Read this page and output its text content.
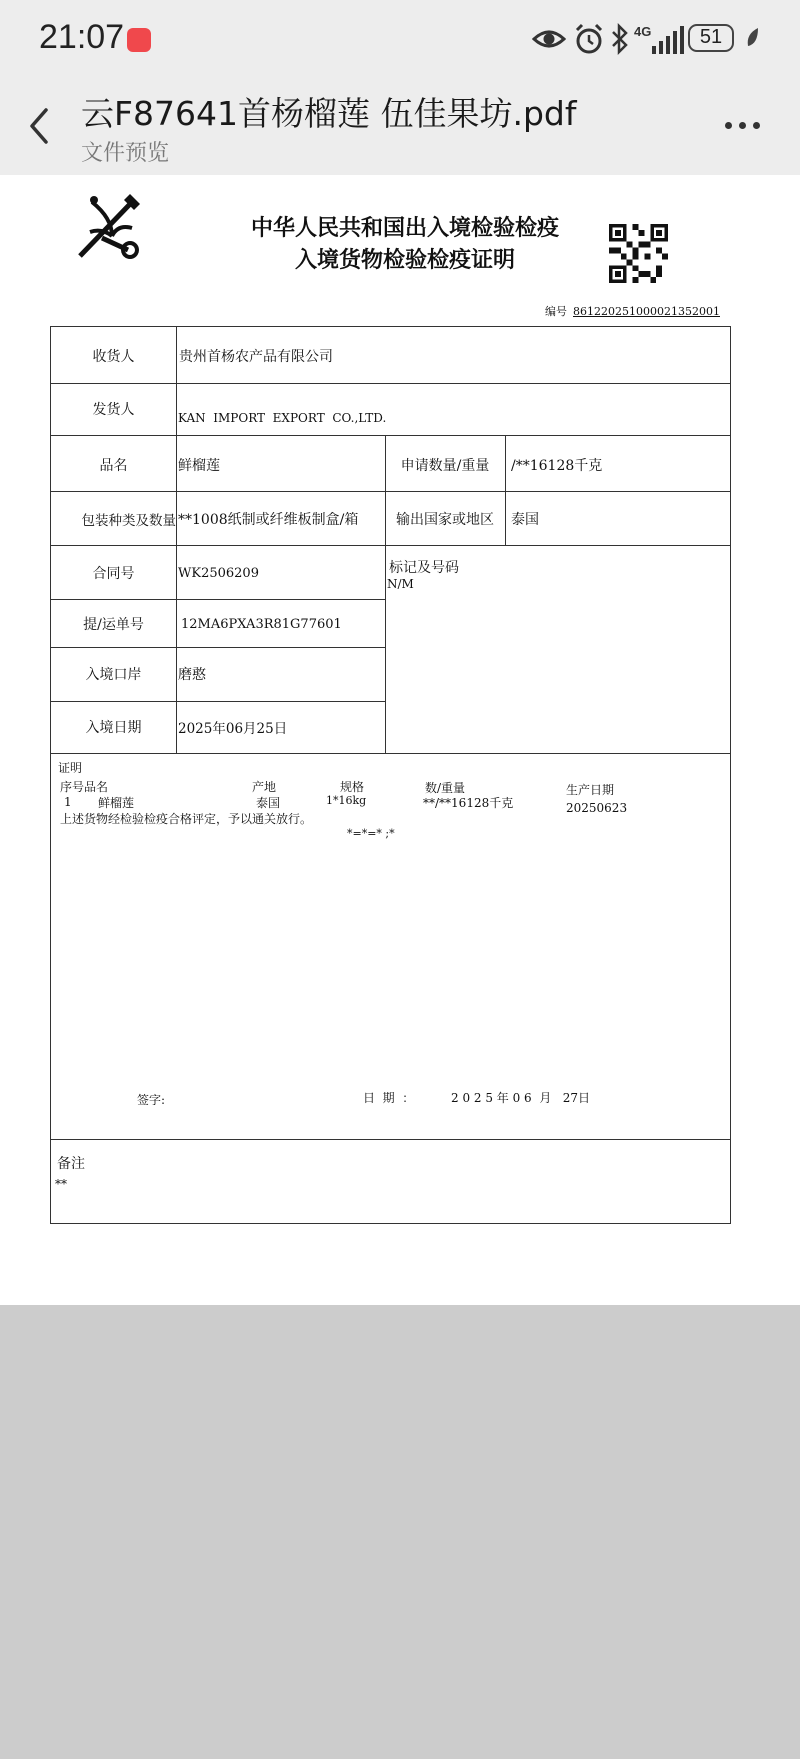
21:07	4G	51
云F87641首杨榴莲 伍佳果坊.pdf
文件预览
中华人民共和国出入境检验检疫
入境货物检验检疫证明
编号 861220251000021352001
收货人	贵州首杨农产品有限公司
发货人	KAN  IMPORT  EXPORT  CO.,LTD.
品名	鲜榴莲	申请数量/重量	/**16128千克
包装种类及数量 **1008纸制或纤维板制盒/箱	输出国家或地区	泰国
合同号	WK2506209	标记及号码
N/M
提/运单号	12MA6PXA3R81G77601
入境口岸	磨憨
入境日期	2025年06月25日
证明
序号品名	产地	规格	数/重量	生产日期
1 鲜榴莲	泰国	1*16kg	**/**16128千克	20250623
上述货物经检验检疫合格评定，予以通关放行。
*=*=* ;*
签字:	日  期  ：	2 0 2 5 年 0 6  月   27日
备注
**
